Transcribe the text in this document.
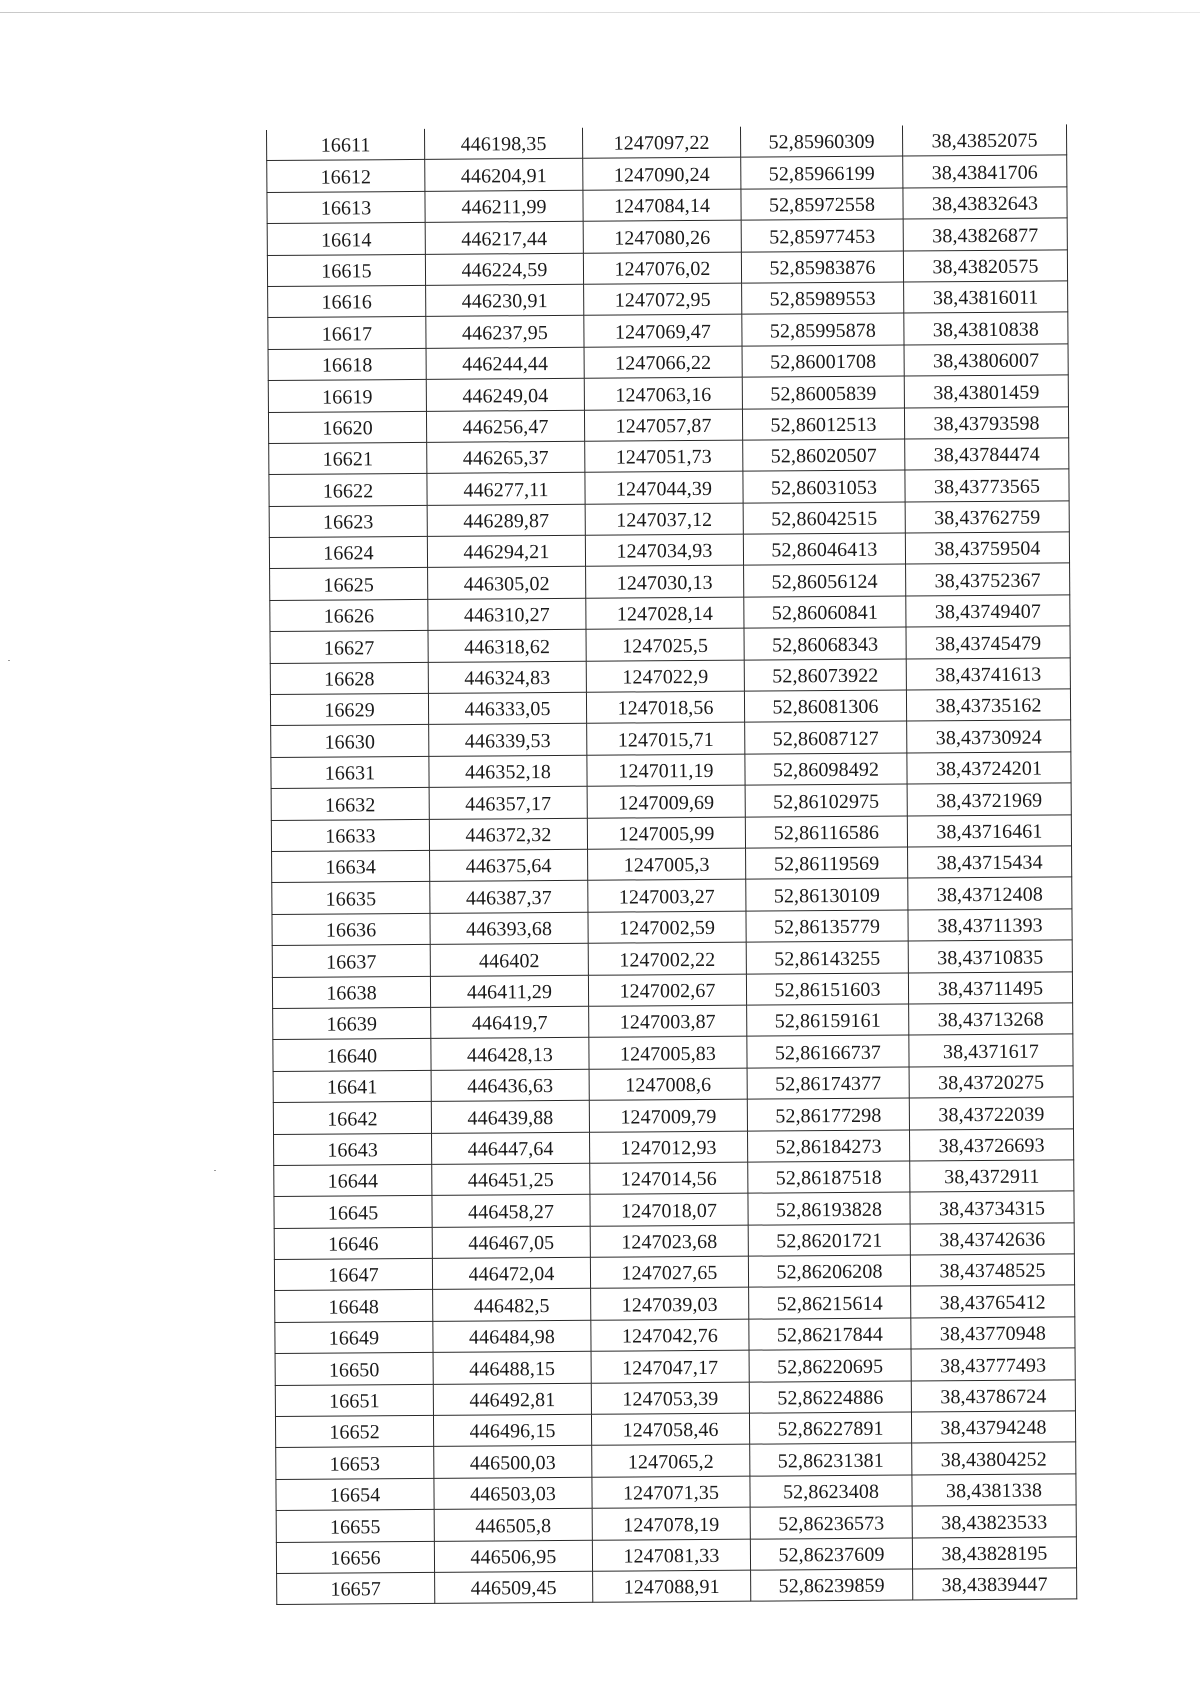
16611	446198,35	1247097,22	52,85960309	38,43852075
16612	446204,91	1247090,24	52,85966199	38,43841706
16613	446211,99	1247084,14	52,85972558	38,43832643
16614	446217,44	1247080,26	52,85977453	38,43826877
16615	446224,59	1247076,02	52,85983876	38,43820575
16616	446230,91	1247072,95	52,85989553	38,43816011
16617	446237,95	1247069,47	52,85995878	38,43810838
16618	446244,44	1247066,22	52,86001708	38,43806007
16619	446249,04	1247063,16	52,86005839	38,43801459
16620	446256,47	1247057,87	52,86012513	38,43793598
16621	446265,37	1247051,73	52,86020507	38,43784474
16622	446277,11	1247044,39	52,86031053	38,43773565
16623	446289,87	1247037,12	52,86042515	38,43762759
16624	446294,21	1247034,93	52,86046413	38,43759504
16625	446305,02	1247030,13	52,86056124	38,43752367
16626	446310,27	1247028,14	52,86060841	38,43749407
16627	446318,62	1247025,5	52,86068343	38,43745479
16628	446324,83	1247022,9	52,86073922	38,43741613
16629	446333,05	1247018,56	52,86081306	38,43735162
16630	446339,53	1247015,71	52,86087127	38,43730924
16631	446352,18	1247011,19	52,86098492	38,43724201
16632	446357,17	1247009,69	52,86102975	38,43721969
16633	446372,32	1247005,99	52,86116586	38,43716461
16634	446375,64	1247005,3	52,86119569	38,43715434
16635	446387,37	1247003,27	52,86130109	38,43712408
16636	446393,68	1247002,59	52,86135779	38,43711393
16637	446402	1247002,22	52,86143255	38,43710835
16638	446411,29	1247002,67	52,86151603	38,43711495
16639	446419,7	1247003,87	52,86159161	38,43713268
16640	446428,13	1247005,83	52,86166737	38,4371617
16641	446436,63	1247008,6	52,86174377	38,43720275
16642	446439,88	1247009,79	52,86177298	38,43722039
16643	446447,64	1247012,93	52,86184273	38,43726693
16644	446451,25	1247014,56	52,86187518	38,4372911
16645	446458,27	1247018,07	52,86193828	38,43734315
16646	446467,05	1247023,68	52,86201721	38,43742636
16647	446472,04	1247027,65	52,86206208	38,43748525
16648	446482,5	1247039,03	52,86215614	38,43765412
16649	446484,98	1247042,76	52,86217844	38,43770948
16650	446488,15	1247047,17	52,86220695	38,43777493
16651	446492,81	1247053,39	52,86224886	38,43786724
16652	446496,15	1247058,46	52,86227891	38,43794248
16653	446500,03	1247065,2	52,86231381	38,43804252
16654	446503,03	1247071,35	52,8623408	38,4381338
16655	446505,8	1247078,19	52,86236573	38,43823533
16656	446506,95	1247081,33	52,86237609	38,43828195
16657	446509,45	1247088,91	52,86239859	38,43839447
